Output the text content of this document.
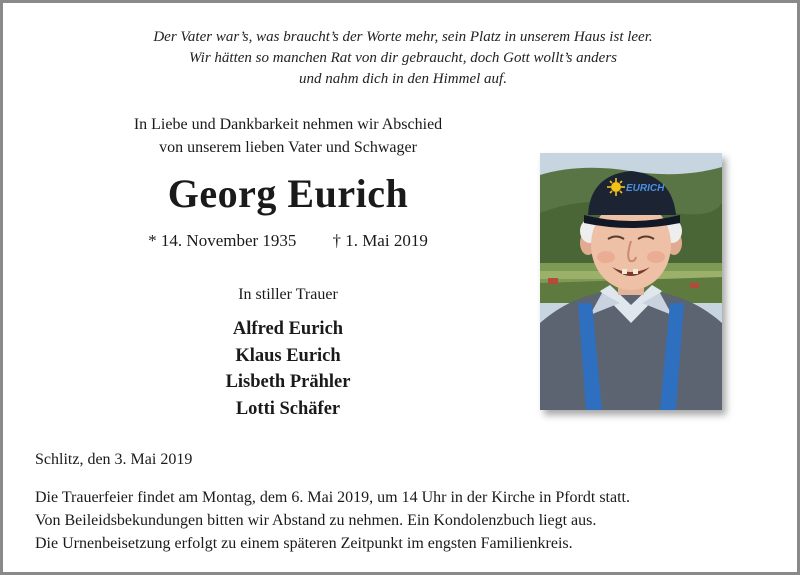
Der Vater war’s, was braucht’s der Worte mehr, sein Platz in unserem Haus ist leer.
Wir hätten so manchen Rat von dir gebraucht, doch Gott wollt’s anders
und nahm dich in den Himmel auf.
In Liebe und Dankbarkeit nehmen wir Abschied
von unserem lieben Vater und Schwager
Georg Eurich
* 14. November 1935 † 1. Mai 2019
In stiller Trauer
Alfred Eurich
Klaus Eurich
Lisbeth Prähler
Lotti Schäfer
EURICH
Schlitz, den 3. Mai 2019
Die Trauerfeier findet am Montag, dem 6. Mai 2019, um 14 Uhr in der Kirche in Pfordt statt.
Von Beileidsbekundungen bitten wir Abstand zu nehmen. Ein Kondolenzbuch liegt aus.
Die Urnenbeisetzung erfolgt zu einem späteren Zeitpunkt im engsten Familienkreis.
